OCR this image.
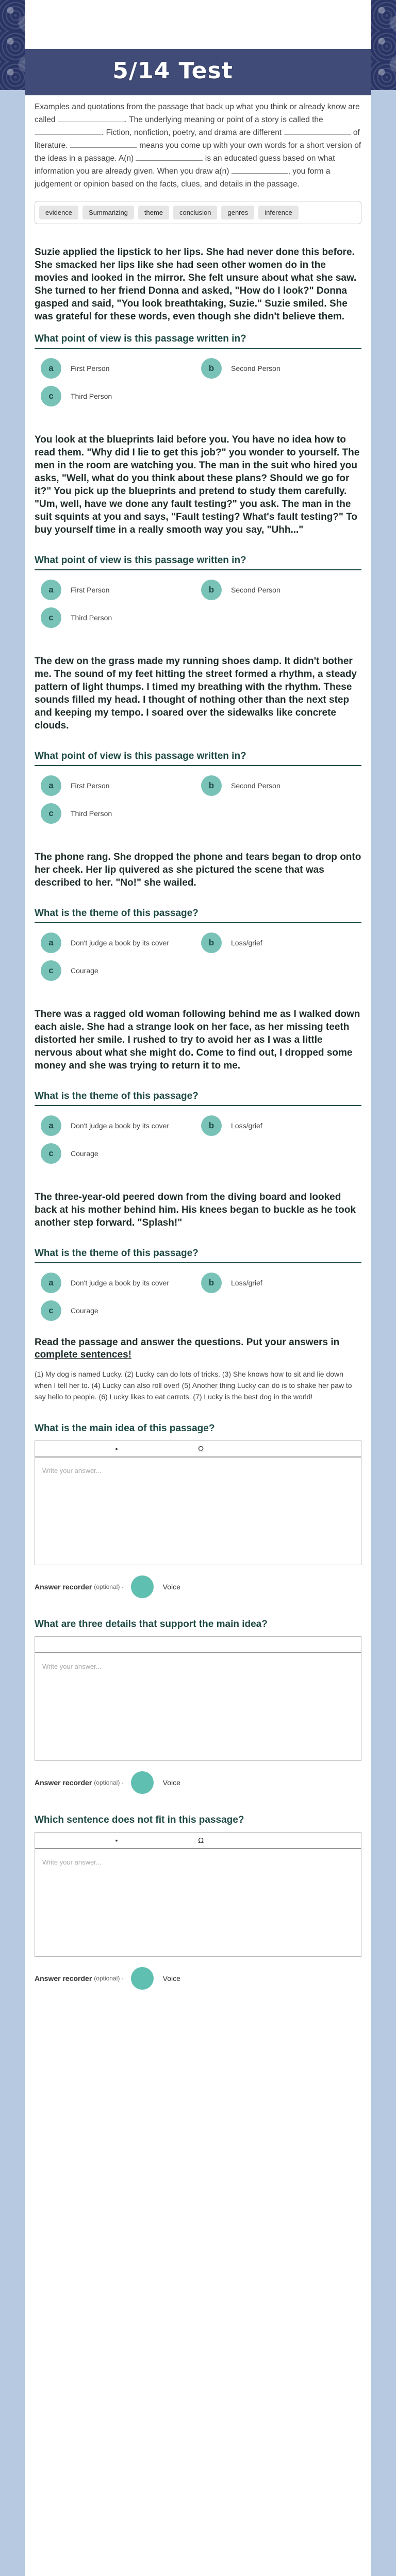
5/14 Test

Examples and quotations from the passage that back up what you think or already know are called	. The underlying meaning or point of a story is called the . Fiction, nonfiction, poetry, and drama are different	of literature.	means you come up with your own words for a short version of the ideas in a passage. A(n)	is an educated guess based on what information you are already given. When you draw a(n)	, you form a judgement or opinion based on the facts, clues, and details in the passage.

evidence	Summarizing	theme	conclusion	genres	inference
Suzie applied the lipstick to her lips. She had never done this before. She smacked her lips like she had seen other women do in the movies and looked in the mirror. She felt unsure about what she saw. She turned to her friend Donna and asked, "How do I look?" Donna gasped and said, "You look breathtaking, Suzie." Suzie smiled. She was grateful for these words, even though she didn't believe them.
What point of view is this passage written in?
a	First Person	b	Second Person
c	Third Person
You look at the blueprints laid before you. You have no idea how to read them. "Why did I lie to get this job?" you wonder to yourself. The men in the room are watching you. The man in the suit who hired you asks, "Well, what do you think about these plans? Should we go for it?" You pick up the blueprints and pretend to study them carefully. "Um, well, have we done any fault testing?" you ask. The man in the suit squints at you and says, "Fault testing? What's fault testing?" To buy yourself time in a really smooth way you say, "Uhh..."
What point of view is this passage written in?
a	First Person	b	Second Person
c	Third Person
The dew on the grass made my running shoes damp. It didn't bother me. The sound of my feet hitting the street formed a rhythm, a steady pattern of light thumps. I timed my breathing with the rhythm. These sounds filled my head. I thought of nothing other than the next step and keeping my tempo. I soared over the sidewalks like concrete clouds.
What point of view is this passage written in?
a	First Person	b	Second Person
c	Third Person
The phone rang. She dropped the phone and tears began to drop onto her cheek. Her lip quivered as she pictured the scene that was described to her. "No!" she wailed.
What is the theme of this passage?
a	Don't judge a book by its cover	b	Loss/grief
c	Courage
There was a ragged old woman following behind me as I walked down each aisle. She had a strange look on her face, as her missing teeth distorted her smile. I rushed to try to avoid her as I was a little nervous about what she might do. Come to find out, I dropped some money and she was trying to return it to me.
What is the theme of this passage?
a	Don't judge a book by its cover	b	Loss/grief
c	Courage
The three-year-old peered down from the diving board and looked back at his mother behind him. His knees began to buckle as he took another step forward. "Splash!"
What is the theme of this passage?
a	Don't judge a book by its cover	b	Loss/grief
c	Courage
Read the passage and answer the questions. Put your answers in complete sentences!
(1) My dog is named Lucky. (2) Lucky can do lots of tricks. (3) She knows how to sit and lie down when I tell her to. (4) Lucky can also roll over! (5) Another thing Lucky can do is to shake her paw to say hello to people. (6) Lucky likes to eat carrots. (7) Lucky is the best dog in the world!
What is the main idea of this passage?
•	Ω
Write your answer...
Answer recorder (optional) -	Voice
What are three details that support the main idea?
Write your answer...
Answer recorder (optional) -	Voice
Which sentence does not fit in this passage?
•	Ω
Write your answer...
Answer recorder (optional) -	Voice
